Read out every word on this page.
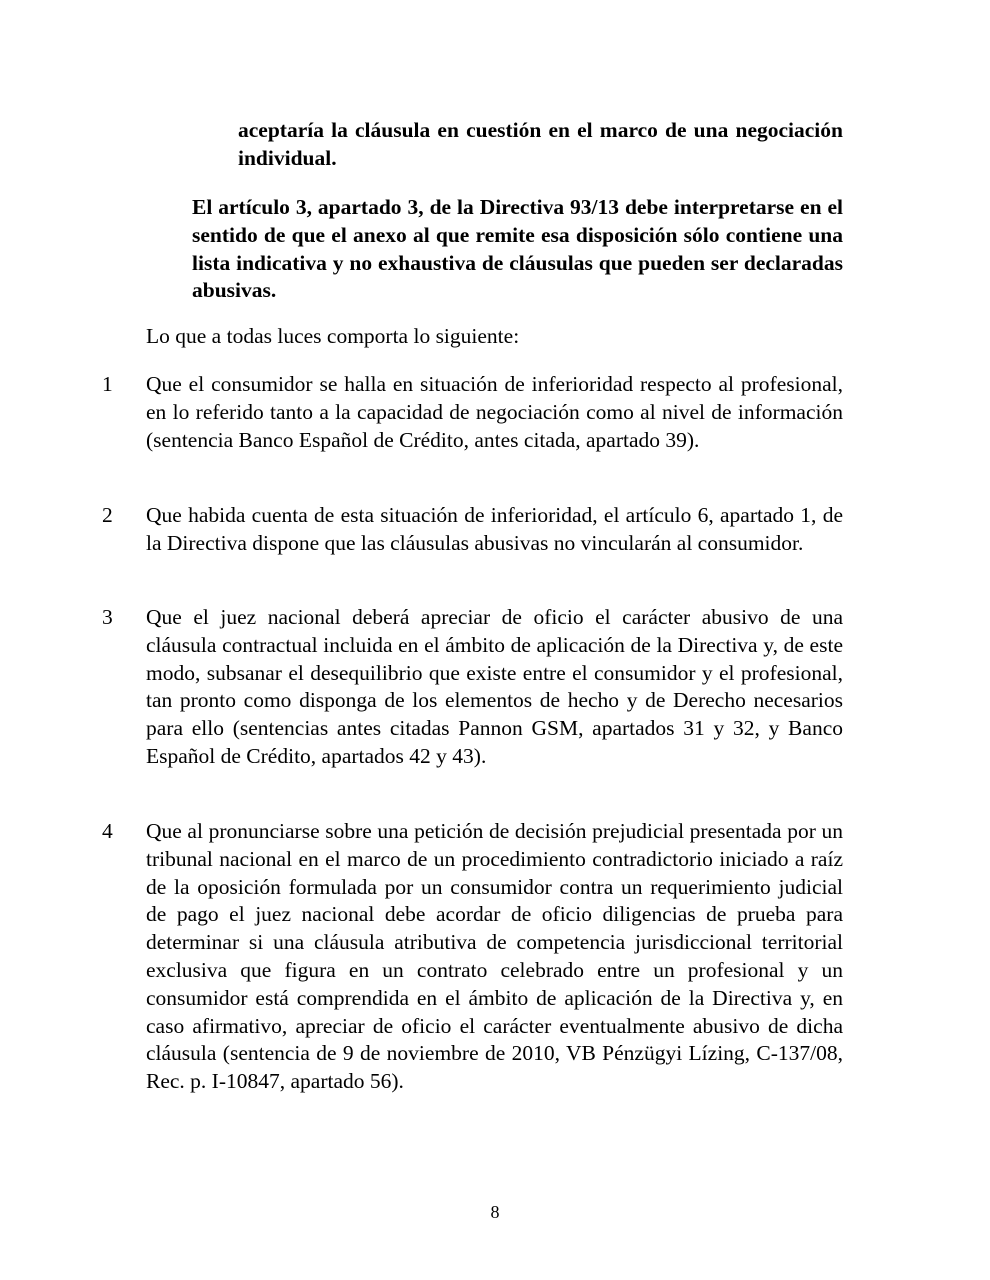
aceptaría la cláusula en cuestión en el marco de una negociación individual.
El artículo 3, apartado 3, de la Directiva 93/13 debe interpretarse en el sentido de que el anexo al que remite esa disposición sólo contiene una lista indicativa y no exhaustiva de cláusulas que pueden ser declaradas abusivas.
Lo que a todas luces comporta lo siguiente:
1 Que el consumidor se halla en situación de inferioridad respecto al profesional, en lo referido tanto a la capacidad de negociación como al nivel de información (sentencia Banco Español de Crédito, antes citada, apartado 39).
2 Que habida cuenta de esta situación de inferioridad, el artículo 6, apartado 1, de la Directiva dispone que las cláusulas abusivas no vincularán al consumidor.
3 Que el juez nacional deberá apreciar de oficio el carácter abusivo de una cláusula contractual incluida en el ámbito de aplicación de la Directiva y, de este modo, subsanar el desequilibrio que existe entre el consumidor y el profesional, tan pronto como disponga de los elementos de hecho y de Derecho necesarios para ello (sentencias antes citadas Pannon GSM, apartados 31 y 32, y Banco Español de Crédito, apartados 42 y 43).
4 Que al pronunciarse sobre una petición de decisión prejudicial presentada por un tribunal nacional en el marco de un procedimiento contradictorio iniciado a raíz de la oposición formulada por un consumidor contra un requerimiento judicial de pago el juez nacional debe acordar de oficio diligencias de prueba para determinar si una cláusula atributiva de competencia jurisdiccional territorial exclusiva que figura en un contrato celebrado entre un profesional y un consumidor está comprendida en el ámbito de aplicación de la Directiva y, en caso afirmativo, apreciar de oficio el carácter eventualmente abusivo de dicha cláusula (sentencia de 9 de noviembre de 2010, VB Pénzügyi Lízing, C-137/08, Rec. p. I-10847, apartado 56).
8
